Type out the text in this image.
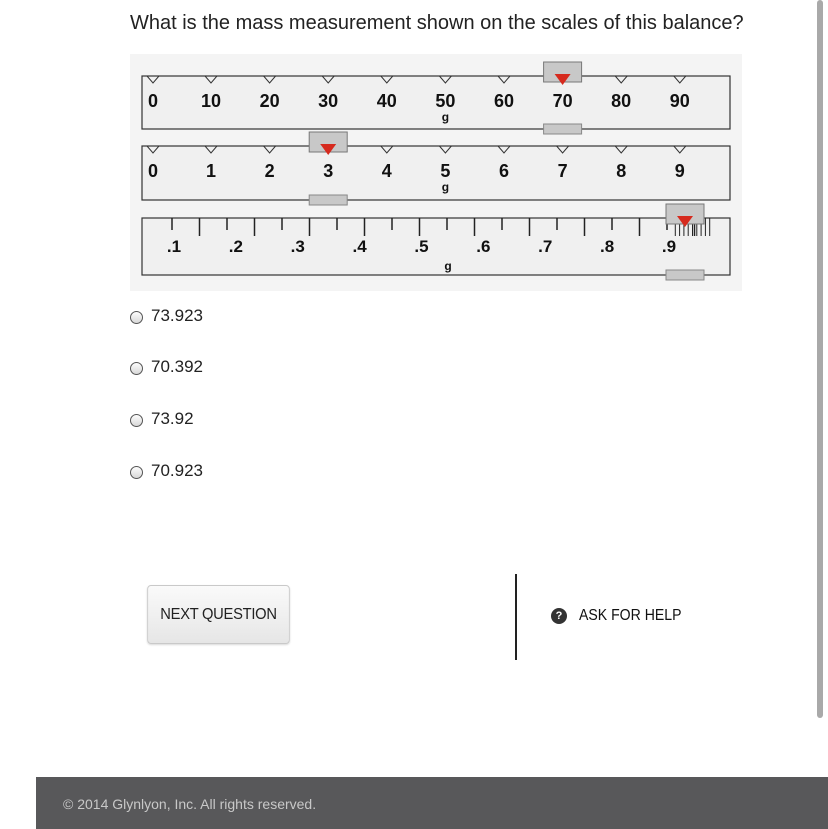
What is the mass measurement shown on the scales of this balance?
0 10 20 30 40 50
g
60 70 80 90
0	1	2	3	4	5
g
6	7	8	9
.1	.2	.3	.4	.5	.6	.7	.8	.9
g
73.923
70.392
73.92
70.923
NEXT QUESTION	? ASK FOR HELP
© 2014 Glynlyon, Inc. All rights reserved.
